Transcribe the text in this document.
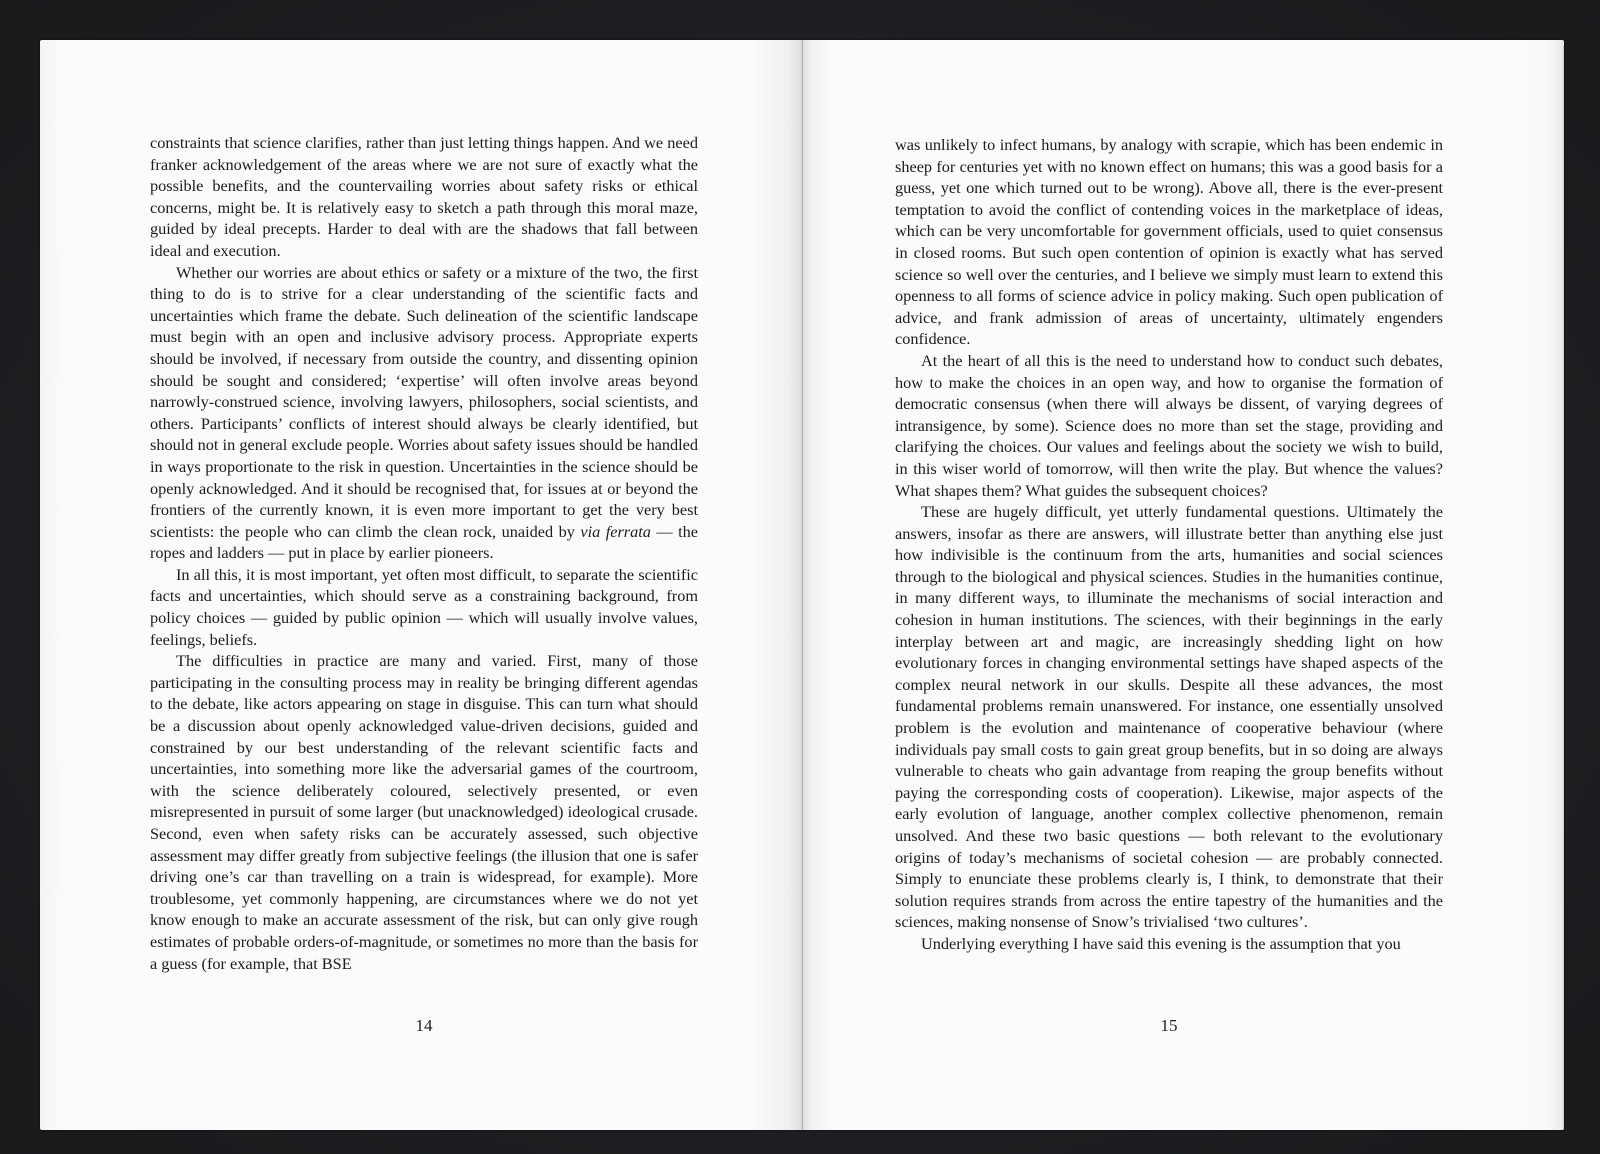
constraints that science clarifies, rather than just letting things happen. And we need franker acknowledgement of the areas where we are not sure of exactly what the possible benefits, and the countervailing worries about safety risks or ethical concerns, might be. It is relatively easy to sketch a path through this moral maze, guided by ideal precepts. Harder to deal with are the shadows that fall between ideal and execution.

Whether our worries are about ethics or safety or a mixture of the two, the first thing to do is to strive for a clear understanding of the scientific facts and uncertainties which frame the debate. Such delineation of the scientific landscape must begin with an open and inclusive advisory process. Appropriate experts should be involved, if necessary from outside the country, and dissenting opinion should be sought and considered; ‘expertise’ will often involve areas beyond narrowly-construed science, involving lawyers, philosophers, social scientists, and others. Participants’ conflicts of interest should always be clearly identified, but should not in general exclude people. Worries about safety issues should be handled in ways proportionate to the risk in question. Uncertainties in the science should be openly acknowledged. And it should be recognised that, for issues at or beyond the frontiers of the currently known, it is even more important to get the very best scientists: the people who can climb the clean rock, unaided by via ferrata — the ropes and ladders — put in place by earlier pioneers.

In all this, it is most important, yet often most difficult, to separate the scientific facts and uncertainties, which should serve as a constraining background, from policy choices — guided by public opinion — which will usually involve values, feelings, beliefs.

The difficulties in practice are many and varied. First, many of those participating in the consulting process may in reality be bringing different agendas to the debate, like actors appearing on stage in disguise. This can turn what should be a discussion about openly acknowledged value-driven decisions, guided and constrained by our best understanding of the relevant scientific facts and uncertainties, into something more like the adversarial games of the courtroom, with the science deliberately coloured, selectively presented, or even misrepresented in pursuit of some larger (but unacknowledged) ideological crusade. Second, even when safety risks can be accurately assessed, such objective assessment may differ greatly from subjective feelings (the illusion that one is safer driving one’s car than travelling on a train is widespread, for example). More troublesome, yet commonly happening, are circumstances where we do not yet know enough to make an accurate assessment of the risk, but can only give rough estimates of probable orders-of-magnitude, or sometimes no more than the basis for a guess (for example, that BSE

14

was unlikely to infect humans, by analogy with scrapie, which has been endemic in sheep for centuries yet with no known effect on humans; this was a good basis for a guess, yet one which turned out to be wrong). Above all, there is the ever-present temptation to avoid the conflict of contending voices in the marketplace of ideas, which can be very uncomfortable for government officials, used to quiet consensus in closed rooms. But such open contention of opinion is exactly what has served science so well over the centuries, and I believe we simply must learn to extend this openness to all forms of science advice in policy making. Such open publication of advice, and frank admission of areas of uncertainty, ultimately engenders confidence.

At the heart of all this is the need to understand how to conduct such debates, how to make the choices in an open way, and how to organise the formation of democratic consensus (when there will always be dissent, of varying degrees of intransigence, by some). Science does no more than set the stage, providing and clarifying the choices. Our values and feelings about the society we wish to build, in this wiser world of tomorrow, will then write the play. But whence the values? What shapes them? What guides the subsequent choices?

These are hugely difficult, yet utterly fundamental questions. Ultimately the answers, insofar as there are answers, will illustrate better than anything else just how indivisible is the continuum from the arts, humanities and social sciences through to the biological and physical sciences. Studies in the humanities continue, in many different ways, to illuminate the mechanisms of social interaction and cohesion in human institutions. The sciences, with their beginnings in the early interplay between art and magic, are increasingly shedding light on how evolutionary forces in changing environmental settings have shaped aspects of the complex neural network in our skulls. Despite all these advances, the most fundamental problems remain unanswered. For instance, one essentially unsolved problem is the evolution and maintenance of cooperative behaviour (where individuals pay small costs to gain great group benefits, but in so doing are always vulnerable to cheats who gain advantage from reaping the group benefits without paying the corresponding costs of cooperation). Likewise, major aspects of the early evolution of language, another complex collective phenomenon, remain unsolved. And these two basic questions — both relevant to the evolutionary origins of today’s mechanisms of societal cohesion — are probably connected. Simply to enunciate these problems clearly is, I think, to demonstrate that their solution requires strands from across the entire tapestry of the humanities and the sciences, making nonsense of Snow’s trivialised ‘two cultures’.

Underlying everything I have said this evening is the assumption that you

15
